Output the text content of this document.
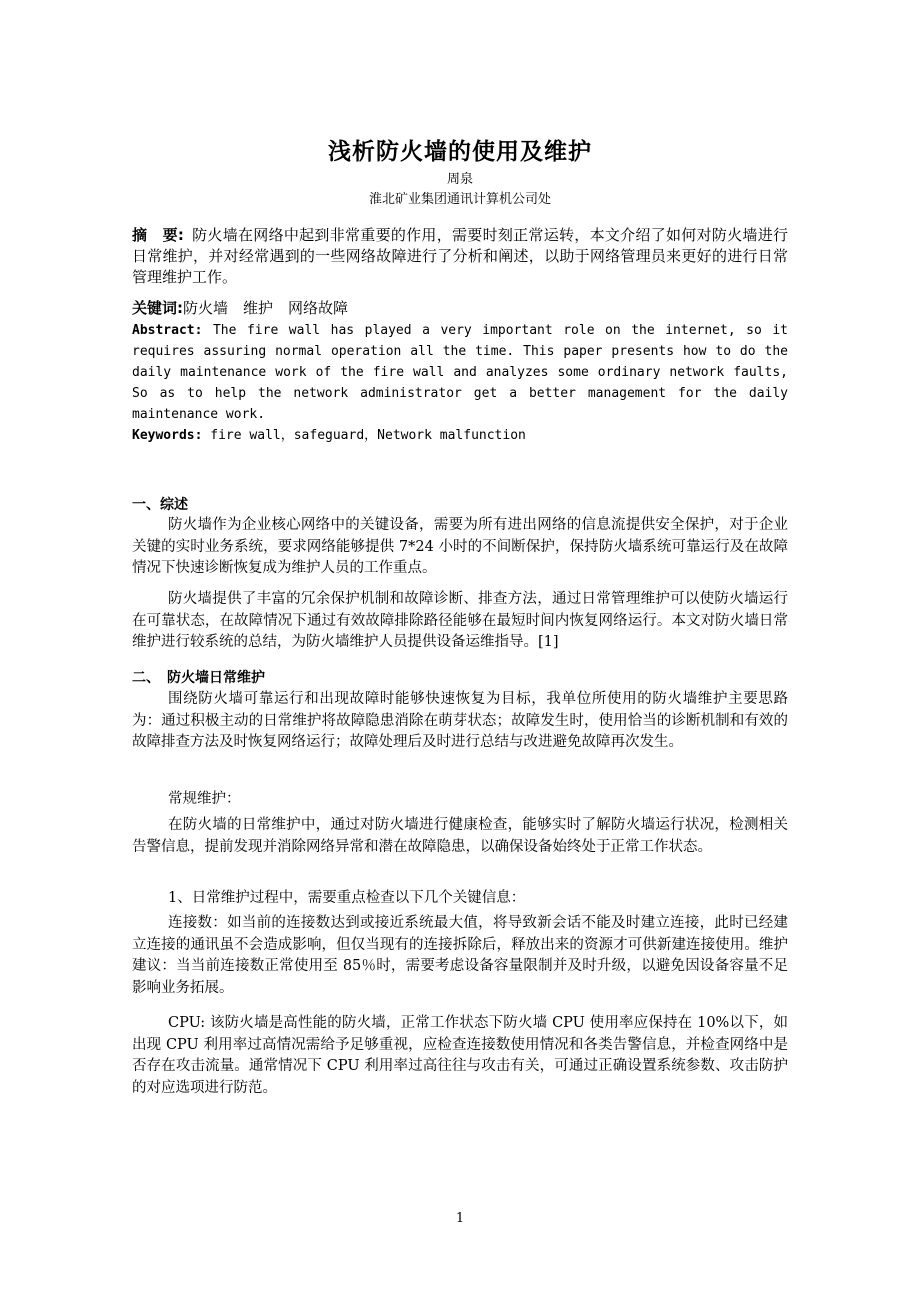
浅析防火墙的使用及维护
周泉
淮北矿业集团通讯计算机公司处
摘　要: 防火墙在网络中起到非常重要的作用，需要时刻正常运转，本文介绍了如何对防火墙进行日常维护，并对经常遇到的一些网络故障进行了分析和阐述，以助于网络管理员来更好的进行日常管理维护工作。
关键词:防火墙　维护　网络故障
Abstract: The fire wall has played a very important role on the internet, so it requires assuring normal operation all the time. This paper presents how to do the daily maintenance work of the fire wall and analyzes some ordinary network faults, So as to help the network administrator get a better management for the daily maintenance work.
Keywords: fire wall，safeguard，Network malfunction
一、综述
防火墙作为企业核心网络中的关键设备，需要为所有进出网络的信息流提供安全保护，对于企业关键的实时业务系统，要求网络能够提供 7*24 小时的不间断保护，保持防火墙系统可靠运行及在故障情况下快速诊断恢复成为维护人员的工作重点。
防火墙提供了丰富的冗余保护机制和故障诊断、排查方法，通过日常管理维护可以使防火墙运行在可靠状态，在故障情况下通过有效故障排除路径能够在最短时间内恢复网络运行。本文对防火墙日常维护进行较系统的总结，为防火墙维护人员提供设备运维指导。[1]
二、　防火墙日常维护
围绕防火墙可靠运行和出现故障时能够快速恢复为目标，我单位所使用的防火墙维护主要思路为：通过积极主动的日常维护将故障隐患消除在萌芽状态；故障发生时，使用恰当的诊断机制和有效的故障排查方法及时恢复网络运行；故障处理后及时进行总结与改进避免故障再次发生。
常规维护：
在防火墙的日常维护中，通过对防火墙进行健康检查，能够实时了解防火墙运行状况，检测相关告警信息，提前发现并消除网络异常和潜在故障隐患，以确保设备始终处于正常工作状态。
1、日常维护过程中，需要重点检查以下几个关键信息：
连接数：如当前的连接数达到或接近系统最大值，将导致新会话不能及时建立连接，此时已经建立连接的通讯虽不会造成影响，但仅当现有的连接拆除后，释放出来的资源才可供新建连接使用。维护建议：当当前连接数正常使用至 85％时，需要考虑设备容量限制并及时升级，以避免因设备容量不足影响业务拓展。
CPU: 该防火墙是高性能的防火墙，正常工作状态下防火墙 CPU 使用率应保持在 10%以下，如出现 CPU 利用率过高情况需给予足够重视，应检查连接数使用情况和各类告警信息，并检查网络中是否存在攻击流量。通常情况下 CPU 利用率过高往往与攻击有关，可通过正确设置系统参数、攻击防护的对应选项进行防范。
1
